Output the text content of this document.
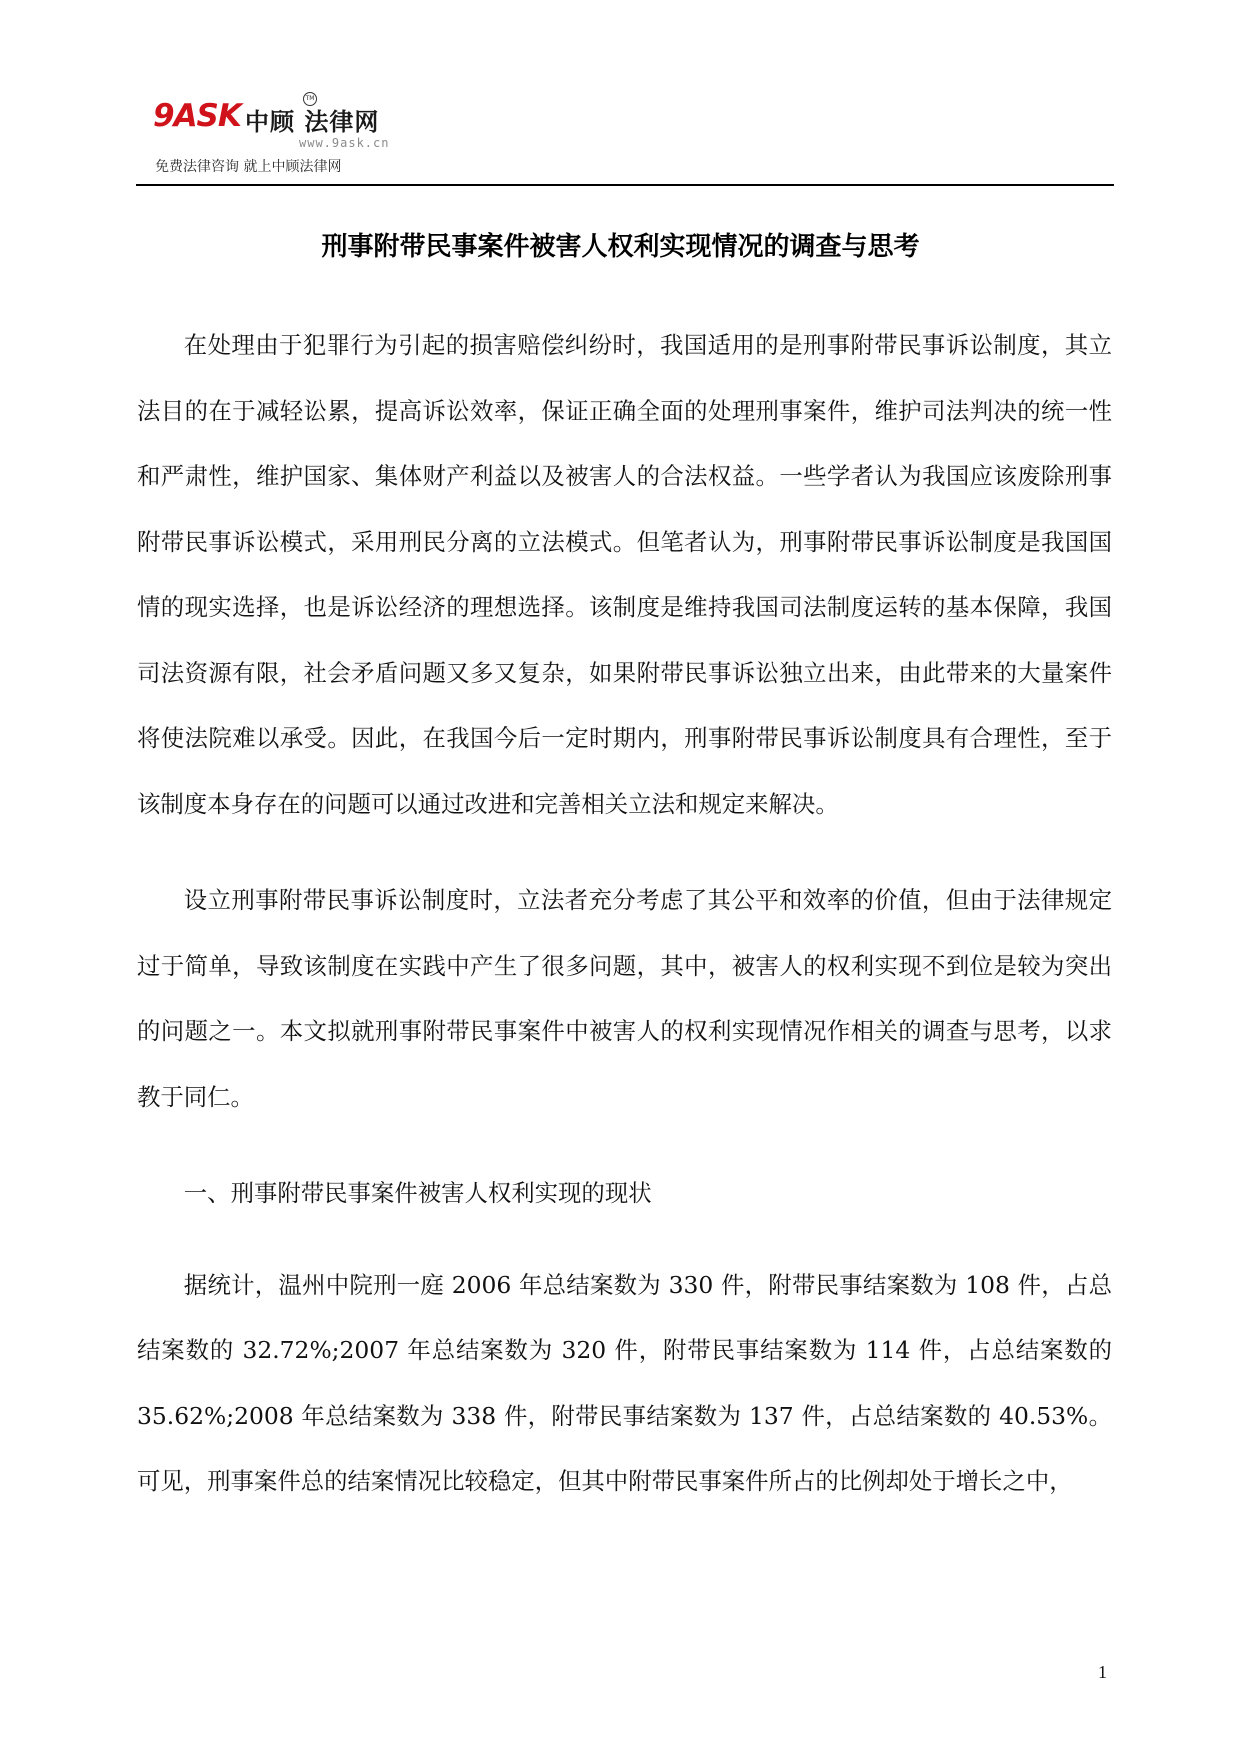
9ASK 中顾 法律网
TM
www.9ask.cn
免费法律咨询 就上中顾法律网
刑事附带民事案件被害人权利实现情况的调查与思考

在处理由于犯罪行为引起的损害赔偿纠纷时，我国适用的是刑事附带民事诉讼制度，其立法目的在于减轻讼累，提高诉讼效率，保证正确全面的处理刑事案件，维护司法判决的统一性和严肃性，维护国家、集体财产利益以及被害人的合法权益。一些学者认为我国应该废除刑事附带民事诉讼模式，采用刑民分离的立法模式。但笔者认为，刑事附带民事诉讼制度是我国国情的现实选择，也是诉讼经济的理想选择。该制度是维持我国司法制度运转的基本保障，我国司法资源有限，社会矛盾问题又多又复杂，如果附带民事诉讼独立出来，由此带来的大量案件将使法院难以承受。因此，在我国今后一定时期内，刑事附带民事诉讼制度具有合理性，至于该制度本身存在的问题可以通过改进和完善相关立法和规定来解决。

设立刑事附带民事诉讼制度时，立法者充分考虑了其公平和效率的价值，但由于法律规定过于简单，导致该制度在实践中产生了很多问题，其中，被害人的权利实现不到位是较为突出的问题之一。本文拟就刑事附带民事案件中被害人的权利实现情况作相关的调查与思考，以求教于同仁。

一、刑事附带民事案件被害人权利实现的现状

据统计，温州中院刑一庭 2006 年总结案数为 330 件，附带民事结案数为 108 件，占总结案数的 32.72%;2007 年总结案数为 320 件，附带民事结案数为 114 件，占总结案数的 35.62%;2008 年总结案数为 338 件，附带民事结案数为 137 件，占总结案数的 40.53%。可见，刑事案件总的结案情况比较稳定，但其中附带民事案件所占的比例却处于增长之中，

1
